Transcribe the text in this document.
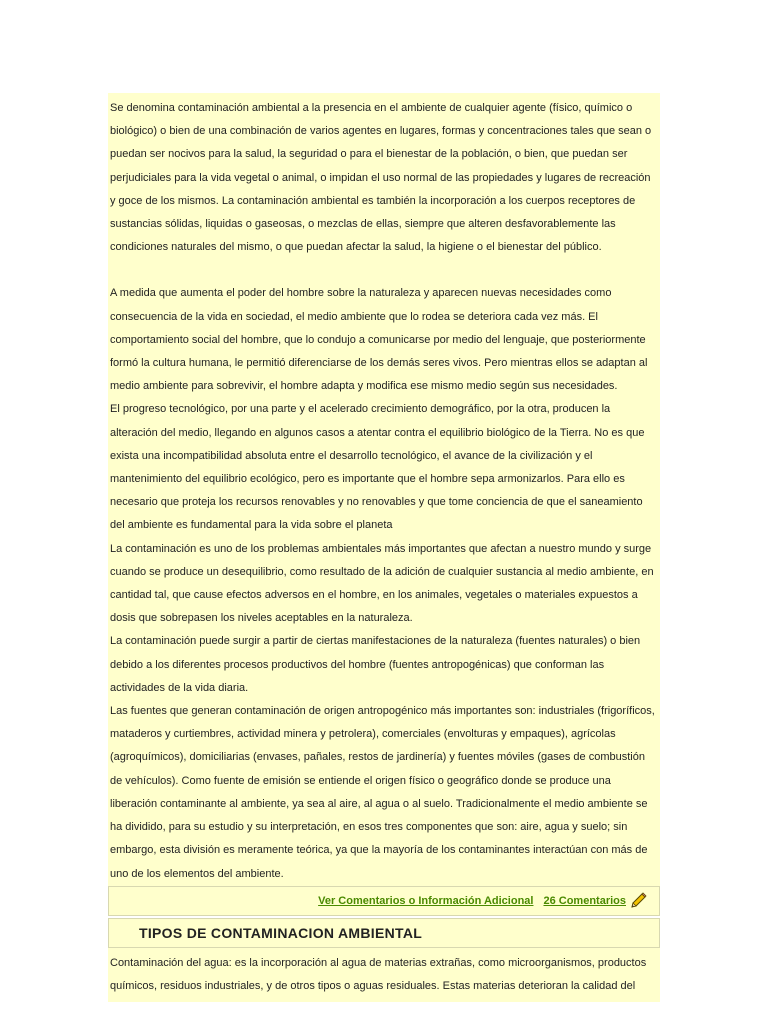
Se denomina contaminación ambiental a la presencia en el ambiente de cualquier agente (físico, químico o biológico) o bien de una combinación de varios agentes en lugares, formas y concentraciones tales que sean o puedan ser nocivos para la salud, la seguridad o para el bienestar de la población, o bien, que puedan ser perjudiciales para la vida vegetal o animal, o impidan el uso normal de las propiedades y lugares de recreación y goce de los mismos. La contaminación ambiental es también la incorporación a los cuerpos receptores de sustancias sólidas, liquidas o gaseosas, o mezclas de ellas, siempre que alteren desfavorablemente las condiciones naturales del mismo, o que puedan afectar la salud, la higiene o el bienestar del público.

A medida que aumenta el poder del hombre sobre la naturaleza y aparecen nuevas necesidades como consecuencia de la vida en sociedad, el medio ambiente que lo rodea se deteriora cada vez más. El comportamiento social del hombre, que lo condujo a comunicarse por medio del lenguaje, que posteriormente formó la cultura humana, le permitió diferenciarse de los demás seres vivos. Pero mientras ellos se adaptan al medio ambiente para sobrevivir, el hombre adapta y modifica ese mismo medio según sus necesidades.

El progreso tecnológico, por una parte y el acelerado crecimiento demográfico, por la otra, producen la alteración del medio, llegando en algunos casos a atentar contra el equilibrio biológico de la Tierra. No es que exista una incompatibilidad absoluta entre el desarrollo tecnológico, el avance de la civilización y el mantenimiento del equilibrio ecológico, pero es importante que el hombre sepa armonizarlos. Para ello es necesario que proteja los recursos renovables y no renovables y que tome conciencia de que el saneamiento del ambiente es fundamental para la vida sobre el planeta

La contaminación es uno de los problemas ambientales más importantes que afectan a nuestro mundo y surge cuando se produce un desequilibrio, como resultado de la adición de cualquier sustancia al medio ambiente, en cantidad tal, que cause efectos adversos en el hombre, en los animales, vegetales o materiales expuestos a dosis que sobrepasen los niveles aceptables en la naturaleza.

La contaminación puede surgir a partir de ciertas manifestaciones de la naturaleza (fuentes naturales) o bien debido a los diferentes procesos productivos del hombre (fuentes antropogénicas) que conforman las actividades de la vida diaria.

Las fuentes que generan contaminación de origen antropogénico más importantes son: industriales (frigoríficos, mataderos y curtiembres, actividad minera y petrolera), comerciales (envolturas y empaques), agrícolas (agroquímicos), domiciliarias (envases, pañales, restos de jardinería) y fuentes móviles (gases de combustión de vehículos). Como fuente de emisión se entiende el origen físico o geográfico donde se produce una liberación contaminante al ambiente, ya sea al aire, al agua o al suelo. Tradicionalmente el medio ambiente se ha dividido, para su estudio y su interpretación, en esos tres componentes que son: aire, agua y suelo; sin embargo, esta división es meramente teórica, ya que la mayoría de los contaminantes interactúan con más de uno de los elementos del ambiente.

Ver Comentarios o Información Adicional 26 Comentarios
TIPOS DE CONTAMINACION AMBIENTAL

Contaminación del agua: es la incorporación al agua de materias extrañas, como microorganismos, productos químicos, residuos industriales, y de otros tipos o aguas residuales. Estas materias deterioran la calidad del
